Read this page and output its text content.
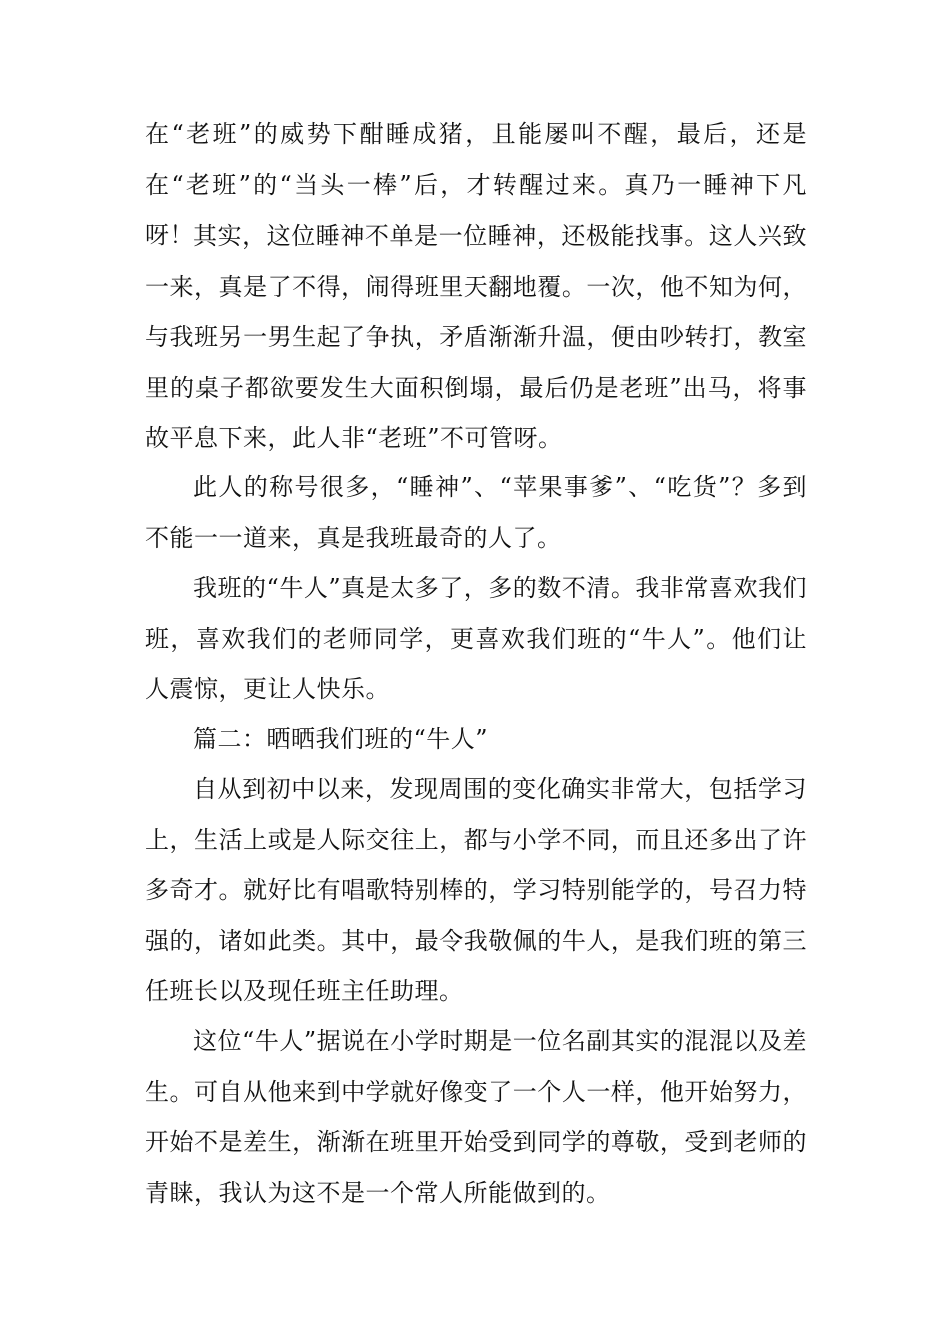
在“老班”的威势下酣睡成猪，且能屡叫不醒，最后，还是在“老班”的“当头一棒”后，才转醒过来。真乃一睡神下凡呀！ 其实，这位睡神不单是一位睡神，还极能找事。这人兴致一来，真是了不得，闹得班里天翻地覆。一次，他不知为何，与我班另一男生起了争执，矛盾渐渐升温，便由吵转打，教室里的桌子都欲要发生大面积倒塌，最后仍是老班”出马，将事故平息下来，此人非“老班”不可管呀。

此人的称号很多，“睡神”、“苹果事爹”、“吃货”？多到不能一一道来，真是我班最奇的人了。

我班的“牛人”真是太多了，多的数不清。我非常喜欢我们班，喜欢我们的老师同学，更喜欢我们班的“牛人”。他们让人震惊，更让人快乐。

篇二：晒晒我们班的“牛人”

自从到初中以来，发现周围的变化确实非常大，包括学习上，生活上或是人际交往上，都与小学不同，而且还多出了许多奇才。就好比有唱歌特别棒的，学习特别能学的，号召力特强的，诸如此类。其中，最令我敬佩的牛人，是我们班的第三任班长以及现任班主任助理。

这位“牛人”据说在小学时期是一位名副其实的混混以及差生。可自从他来到中学就好像变了一个人一样，他开始努力，开始不是差生，渐渐在班里开始受到同学的尊敬，受到老师的青睐，我认为这不是一个常人所能做到的。
